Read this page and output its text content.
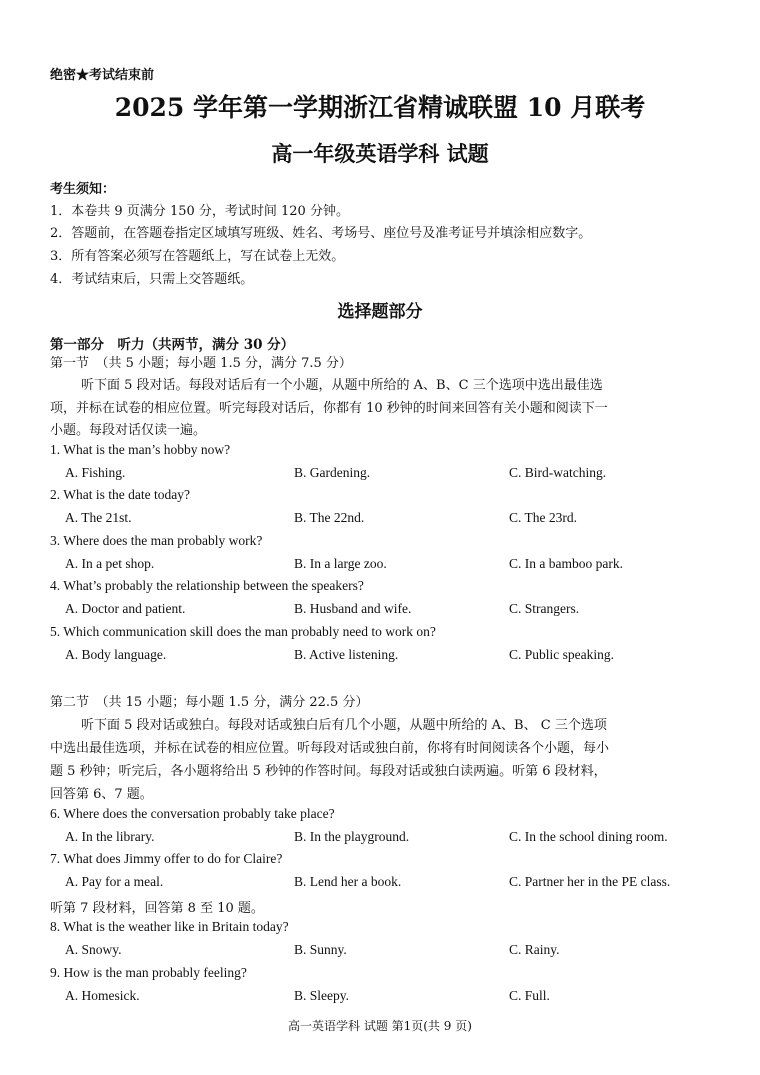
绝密★考试结束前
2025 学年第一学期浙江省精诚联盟 10 月联考
高一年级英语学科 试题
考生须知：
1．本卷共 9 页满分 150 分，考试时间 120 分钟。
2．答题前，在答题卷指定区域填写班级、姓名、考场号、座位号及准考证号并填涂相应数字。
3．所有答案必须写在答题纸上，写在试卷上无效。
4．考试结束后，只需上交答题纸。
选择题部分
第一部分　听力（共两节，满分 30 分）
第一节　（共 5 小题；每小题 1.5 分，满分 7.5 分）
听下面 5 段对话。每段对话后有一个小题，从题中所给的 A、B、C 三个选项中选出最佳选
项，并标在试卷的相应位置。听完每段对话后，你都有 10 秒钟的时间来回答有关小题和阅读下一
小题。每段对话仅读一遍。
1. What is the man’s hobby now?
A. Fishing.	B. Gardening.	C. Bird-watching.
2. What is the date today?
A. The 21st.	B. The 22nd.	C. The 23rd.
3. Where does the man probably work?
A. In a pet shop.	B. In a large zoo.	C. In a bamboo park.
4. What’s probably the relationship between the speakers?
A. Doctor and patient.	B. Husband and wife.	C. Strangers.
5. Which communication skill does the man probably need to work on?
A. Body language.	B. Active listening.	C. Public speaking.
第二节　（共 15 小题；每小题 1.5 分，满分 22.5 分）
听下面 5 段对话或独白。每段对话或独白后有几个小题，从题中所给的 A、B、 C 三个选项
中选出最佳选项，并标在试卷的相应位置。听每段对话或独白前，你将有时间阅读各个小题，每小
题 5 秒钟；听完后，各小题将给出 5 秒钟的作答时间。每段对话或独白读两遍。听第 6 段材料，
回答第 6、7 题。
6. Where does the conversation probably take place?
A. In the library.	B. In the playground.	C. In the school dining room.
7. What does Jimmy offer to do for Claire?
A. Pay for a meal.	B. Lend her a book.	C. Partner her in the PE class.
听第 7 段材料，回答第 8 至 10 题。
8. What is the weather like in Britain today?
A. Snowy.	B. Sunny.	C. Rainy.
9. How is the man probably feeling?
A. Homesick.	B. Sleepy.	C. Full.
高一英语学科 试题 第1页(共 9 页)
